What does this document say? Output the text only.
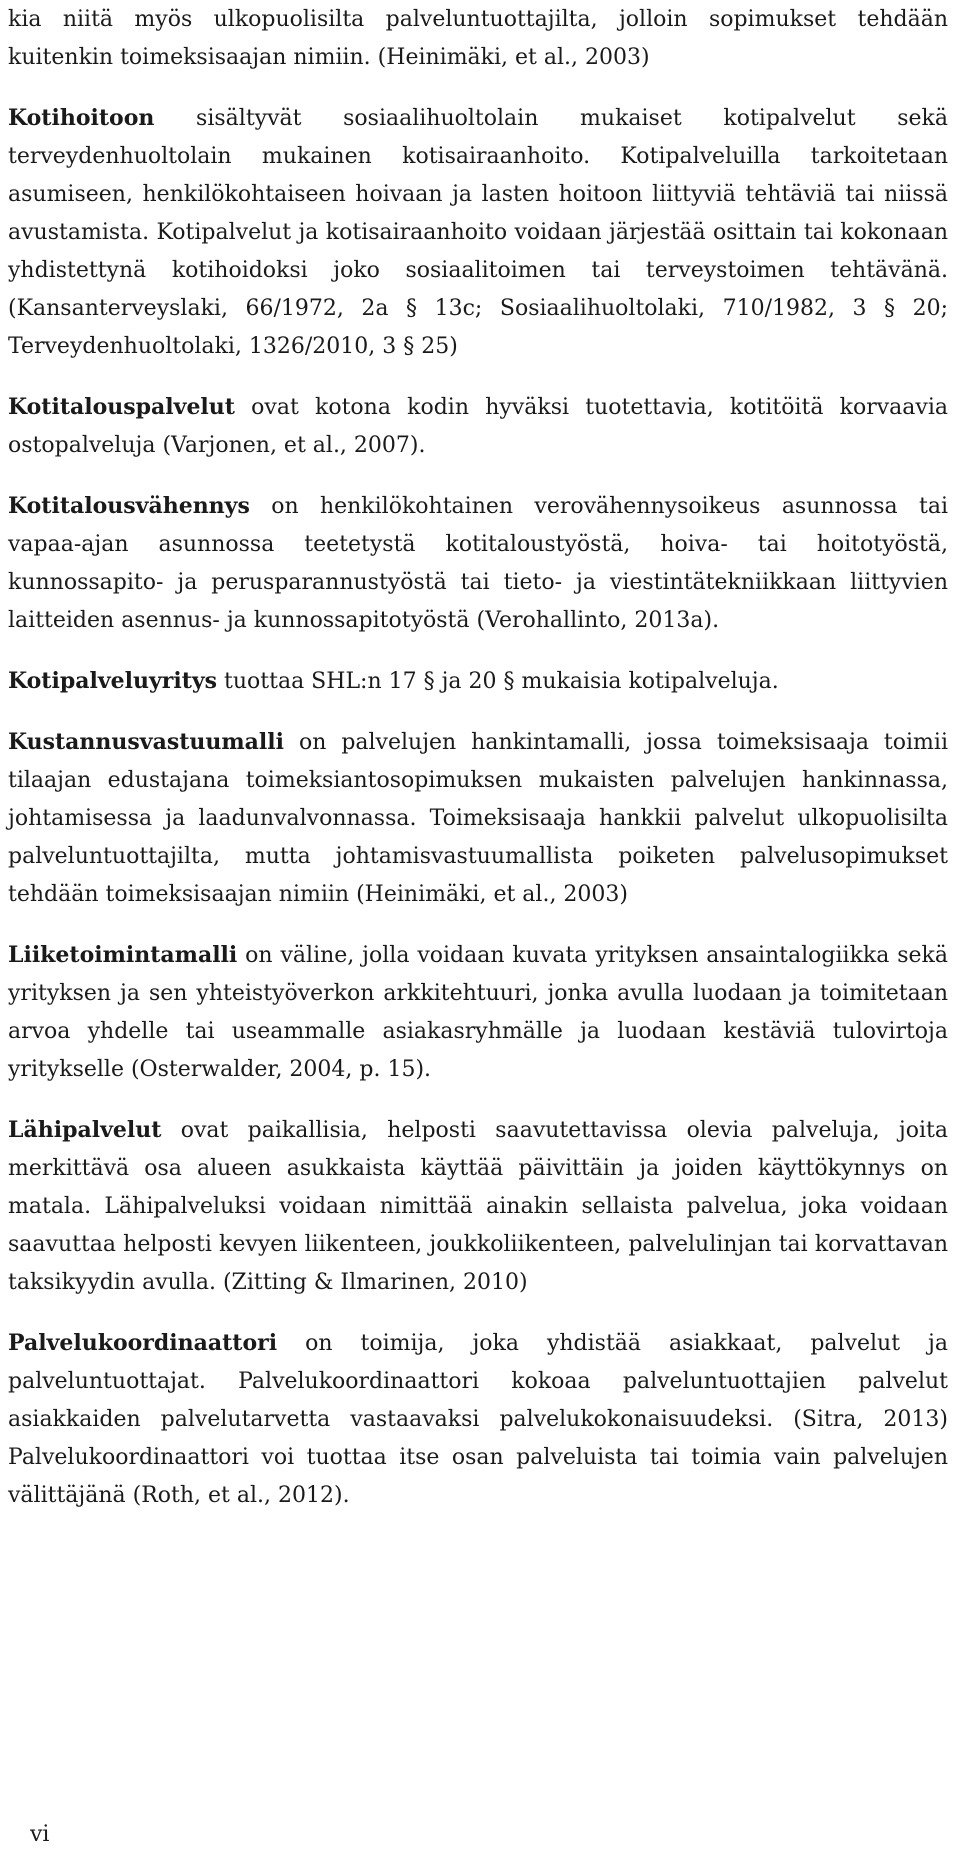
kia niitä myös ulkopuolisilta palveluntuottajilta, jolloin sopimukset tehdään kuitenkin toimeksisaajan nimiin. (Heinimäki, et al., 2003)

Kotihoitoon sisältyvät sosiaalihuoltolain mukaiset kotipalvelut sekä terveydenhuoltolain mukainen kotisairaanhoito. Kotipalveluilla tarkoitetaan asumiseen, henkilökohtaiseen hoivaan ja lasten hoitoon liittyviä tehtäviä tai niissä avustamista. Kotipalvelut ja kotisairaanhoito voidaan järjestää osittain tai kokonaan yhdistettynä kotihoidoksi joko sosiaalitoimen tai terveystoimen tehtävänä. (Kansanterveyslaki, 66/1972, 2a § 13c; Sosiaalihuoltolaki, 710/1982, 3 § 20; Terveydenhuoltolaki, 1326/2010, 3 § 25)

Kotitalouspalvelut ovat kotona kodin hyväksi tuotettavia, kotitöitä korvaavia ostopalveluja (Varjonen, et al., 2007).

Kotitalousvähennys on henkilökohtainen verovähennysoikeus asunnossa tai vapaa-ajan asunnossa teetetystä kotitaloustyöstä, hoiva- tai hoitotyöstä, kunnossapito- ja perusparannustyöstä tai tieto- ja viestintätekniikkaan liittyvien laitteiden asennus- ja kunnossapitotyöstä (Verohallinto, 2013a).

Kotipalveluyritys tuottaa SHL:n 17 § ja 20 § mukaisia kotipalveluja.

Kustannusvastuumalli on palvelujen hankintamalli, jossa toimeksisaaja toimii tilaajan edustajana toimeksiantosopimuksen mukaisten palvelujen hankinnassa, johtamisessa ja laadunvalvonnassa. Toimeksisaaja hankkii palvelut ulkopuolisilta palveluntuottajilta, mutta johtamisvastuumallista poiketen palvelusopimukset tehdään toimeksisaajan nimiin (Heinimäki, et al., 2003)

Liiketoimintamalli on väline, jolla voidaan kuvata yrityksen ansaintalogiikka sekä yrityksen ja sen yhteistyöverkon arkkitehtuuri, jonka avulla luodaan ja toimitetaan arvoa yhdelle tai useammalle asiakasryhmälle ja luodaan kestäviä tulovirtoja yritykselle (Osterwalder, 2004, p. 15).

Lähipalvelut ovat paikallisia, helposti saavutettavissa olevia palveluja, joita merkittävä osa alueen asukkaista käyttää päivittäin ja joiden käyttökynnys on matala. Lähipalveluksi voidaan nimittää ainakin sellaista palvelua, joka voidaan saavuttaa helposti kevyen liikenteen, joukkoliikenteen, palvelulinjan tai korvattavan taksikyydin avulla. (Zitting & Ilmarinen, 2010)

Palvelukoordinaattori on toimija, joka yhdistää asiakkaat, palvelut ja palveluntuottajat. Palvelukoordinaattori kokoaa palveluntuottajien palvelut asiakkaiden palvelutarvetta vastaavaksi palvelukokonaisuudeksi. (Sitra, 2013) Palvelukoordinaattori voi tuottaa itse osan palveluista tai toimia vain palvelujen välittäjänä (Roth, et al., 2012).

vi
